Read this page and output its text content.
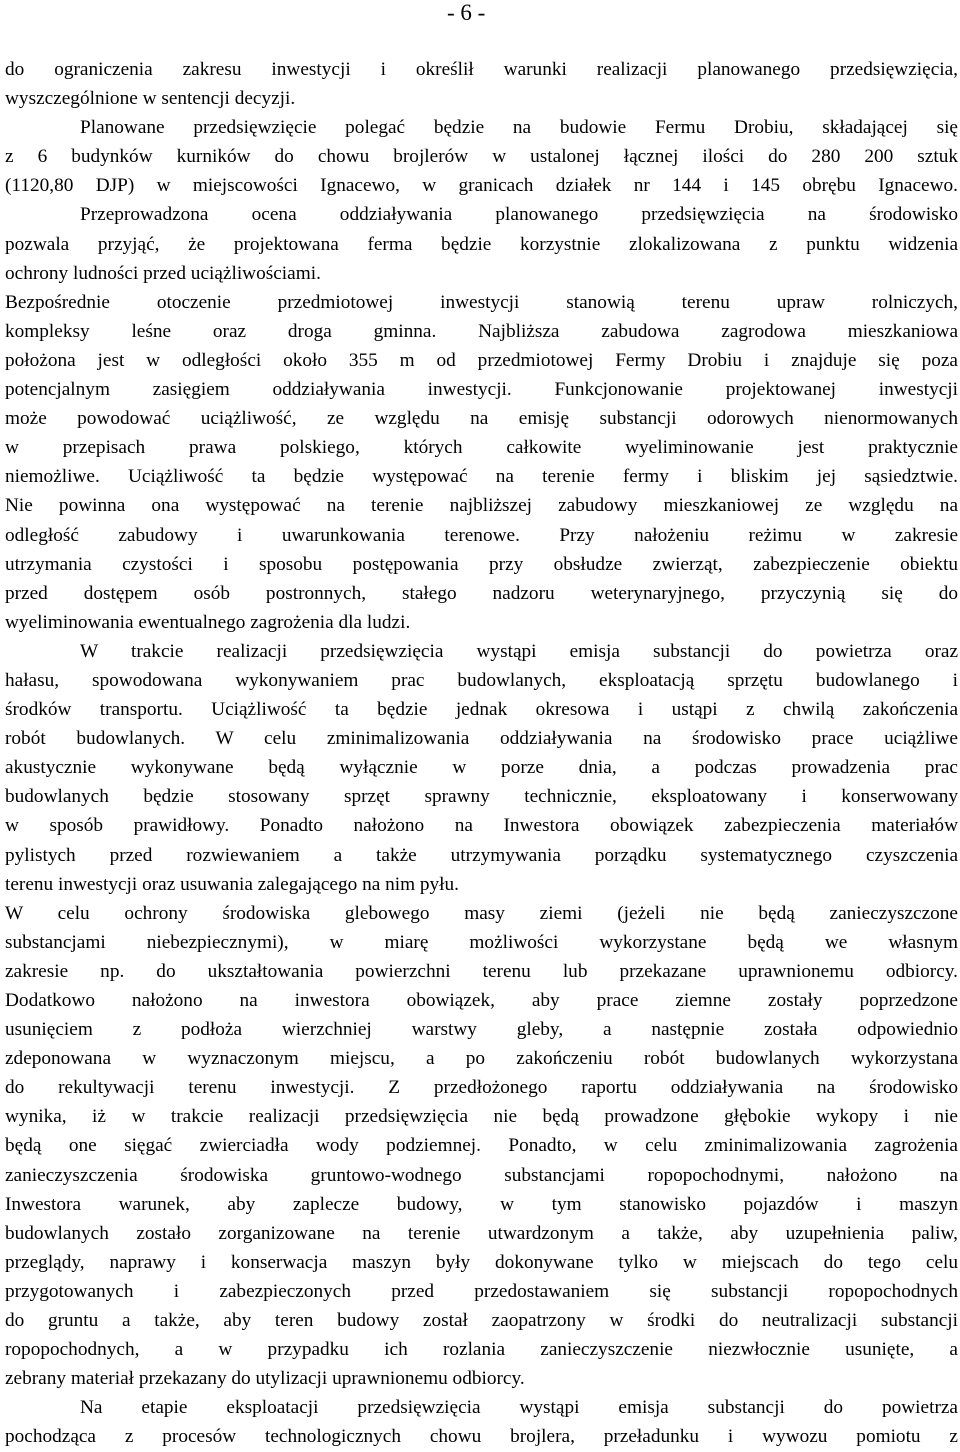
- 6 -
do ograniczenia zakresu inwestycji i określił warunki realizacji planowanego przedsięwzięcia,
wyszczególnione w sentencji decyzji.
Planowane przedsięwzięcie polegać będzie na budowie Fermu Drobiu, składającej się
z 6 budynków kurników do chowu brojlerów w ustalonej łącznej ilości do 280 200 sztuk
(1120,80 DJP) w miejscowości Ignacewo, w granicach działek nr 144 i 145 obrębu Ignacewo.
Przeprowadzona ocena oddziaływania planowanego przedsięwzięcia na środowisko
pozwala przyjąć, że projektowana ferma będzie korzystnie zlokalizowana z punktu widzenia
ochrony ludności przed uciążliwościami.
Bezpośrednie otoczenie przedmiotowej inwestycji stanowią terenu upraw rolniczych,
kompleksy leśne oraz droga gminna. Najbliższa zabudowa zagrodowa mieszkaniowa
położona jest w odległości około 355 m od przedmiotowej Fermy Drobiu i znajduje się poza
potencjalnym zasięgiem oddziaływania inwestycji. Funkcjonowanie projektowanej inwestycji
może powodować uciążliwość, ze względu na emisję substancji odorowych nienormowanych
w przepisach prawa polskiego, których całkowite wyeliminowanie jest praktycznie
niemożliwe. Uciążliwość ta będzie występować na terenie fermy i bliskim jej sąsiedztwie.
Nie powinna ona występować na terenie najbliższej zabudowy mieszkaniowej ze względu na
odległość zabudowy i uwarunkowania terenowe. Przy nałożeniu reżimu w zakresie
utrzymania czystości i sposobu postępowania przy obsłudze zwierząt, zabezpieczenie obiektu
przed dostępem osób postronnych, stałego nadzoru weterynaryjnego, przyczynią się do
wyeliminowania ewentualnego zagrożenia dla ludzi.
W trakcie realizacji przedsięwzięcia wystąpi emisja substancji do powietrza oraz
hałasu, spowodowana wykonywaniem prac budowlanych, eksploatacją sprzętu budowlanego i
środków transportu. Uciążliwość ta będzie jednak okresowa i ustąpi z chwilą zakończenia
robót budowlanych. W celu zminimalizowania oddziaływania na środowisko prace uciążliwe
akustycznie wykonywane będą wyłącznie w porze dnia, a podczas prowadzenia prac
budowlanych będzie stosowany sprzęt sprawny technicznie, eksploatowany i konserwowany
w sposób prawidłowy. Ponadto nałożono na Inwestora obowiązek zabezpieczenia materiałów
pylistych przed rozwiewaniem a także utrzymywania porządku systematycznego czyszczenia
terenu inwestycji oraz usuwania zalegającego na nim pyłu.
W celu ochrony środowiska glebowego masy ziemi (jeżeli nie będą zanieczyszczone
substancjami niebezpiecznymi), w miarę możliwości wykorzystane będą we własnym
zakresie np. do ukształtowania powierzchni terenu lub przekazane uprawnionemu odbiorcy.
Dodatkowo nałożono na inwestora obowiązek, aby prace ziemne zostały poprzedzone
usunięciem z podłoża wierzchniej warstwy gleby, a następnie została odpowiednio
zdeponowana w wyznaczonym miejscu, a po zakończeniu robót budowlanych wykorzystana
do rekultywacji terenu inwestycji. Z przedłożonego raportu oddziaływania na środowisko
wynika, iż w trakcie realizacji przedsięwzięcia nie będą prowadzone głębokie wykopy i nie
będą one sięgać zwierciadła wody podziemnej. Ponadto, w celu zminimalizowania zagrożenia
zanieczyszczenia środowiska gruntowo-wodnego substancjami ropopochodnymi, nałożono na
Inwestora warunek, aby zaplecze budowy, w tym stanowisko pojazdów i maszyn
budowlanych zostało zorganizowane na terenie utwardzonym a także, aby uzupełnienia paliw,
przeglądy, naprawy i konserwacja maszyn były dokonywane tylko w miejscach do tego celu
przygotowanych i zabezpieczonych przed przedostawaniem się substancji ropopochodnych
do gruntu a także, aby teren budowy został zaopatrzony w środki do neutralizacji substancji
ropopochodnych, a w przypadku ich rozlania zanieczyszczenie niezwłocznie usunięte, a
zebrany materiał przekazany do utylizacji uprawnionemu odbiorcy.
Na etapie eksploatacji przedsięwzięcia wystąpi emisja substancji do powietrza
pochodząca z procesów technologicznych chowu brojlera, przeładunku i wywozu pomiotu z
